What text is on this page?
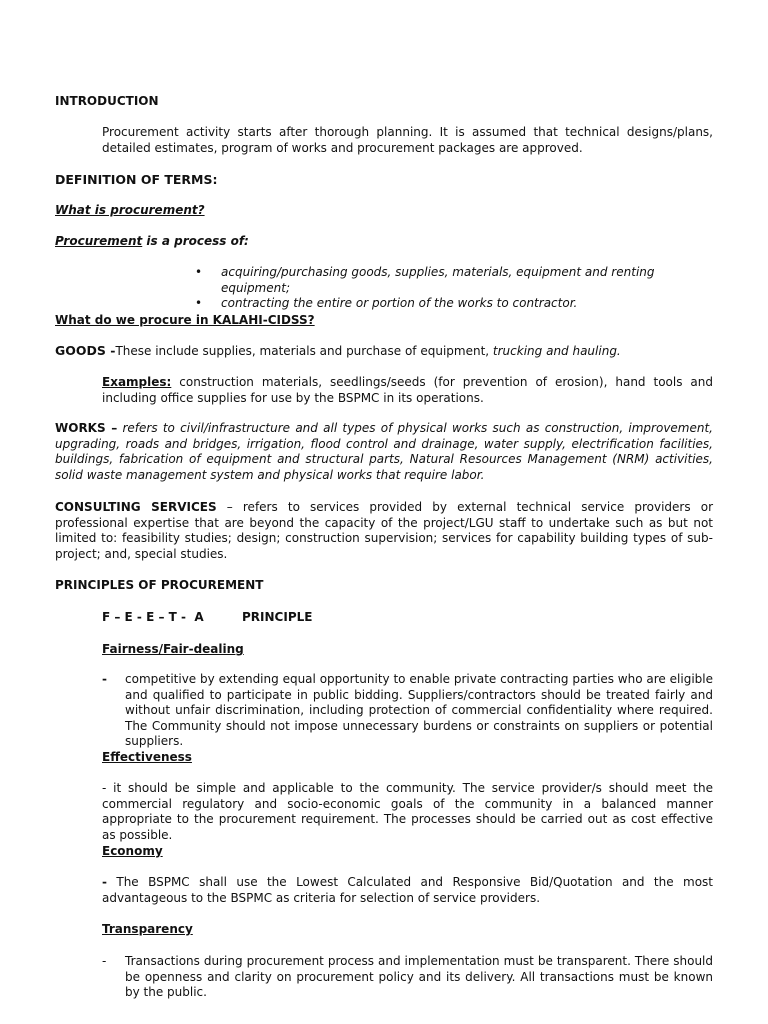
INTRODUCTION
Procurement activity starts after thorough planning. It is assumed that technical designs/plans, detailed estimates, program of works and procurement packages are approved.
DEFINITION OF TERMS:
What is procurement?
Procurement is a process of:
• acquiring/purchasing goods, supplies, materials, equipment and renting equipment;
• contracting the entire or portion of the works to contractor.
What do we procure in KALAHI-CIDSS?
GOODS -These include supplies, materials and purchase of equipment, trucking and hauling.
Examples: construction materials, seedlings/seeds (for prevention of erosion), hand tools and including office supplies for use by the BSPMC in its operations.
WORKS – refers to civil/infrastructure and all types of physical works such as construction, improvement, upgrading, roads and bridges, irrigation, flood control and drainage, water supply, electrification facilities, buildings, fabrication of equipment and structural parts, Natural Resources Management (NRM) activities, solid waste management system and physical works that require labor.
CONSULTING SERVICES – refers to services provided by external technical service providers or professional expertise that are beyond the capacity of the project/LGU staff to undertake such as but not limited to: feasibility studies; design; construction supervision; services for capability building types of sub-project; and, special studies.
PRINCIPLES OF PROCUREMENT
F – E - E – T -  A	PRINCIPLE
Fairness/Fair-dealing
- competitive by extending equal opportunity to enable private contracting parties who are eligible and qualified to participate in public bidding. Suppliers/contractors should be treated fairly and without unfair discrimination, including protection of commercial confidentiality where required. The Community should not impose unnecessary burdens or constraints on suppliers or potential suppliers.
Effectiveness
- it should be simple and applicable to the community. The service provider/s should meet the commercial regulatory and socio-economic goals of the community in a balanced manner appropriate to the procurement requirement. The processes should be carried out as cost effective as possible.
Economy
- The BSPMC shall use the Lowest Calculated and Responsive Bid/Quotation and the most advantageous to the BSPMC as criteria for selection of service providers.
Transparency
- Transactions during procurement process and implementation must be transparent. There should be openness and clarity on procurement policy and its delivery. All transactions must be known by the public.
